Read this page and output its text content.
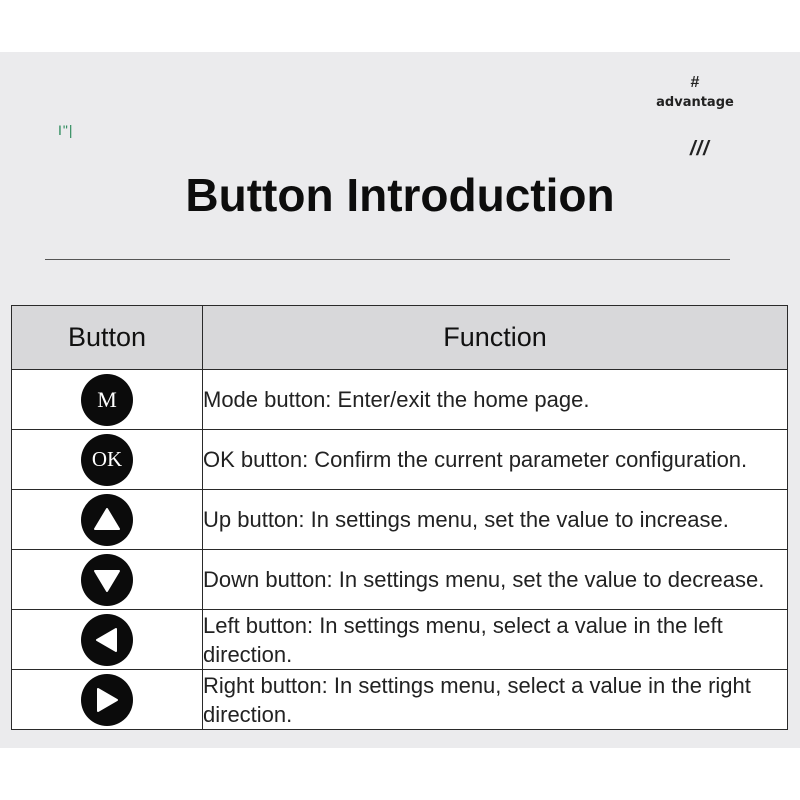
#
advantage
///
I"|
Button Introduction
Button	Function

M	Mode button: Enter/exit the home page.

OK	OK button: Confirm the current parameter configuration.

	Up button: In settings menu, set the value to increase.

	Down button: In settings menu, set the value to decrease.

	Left button: In settings menu, select a value in the left direction.

	Right button: In settings menu, select a value in the right direction.
